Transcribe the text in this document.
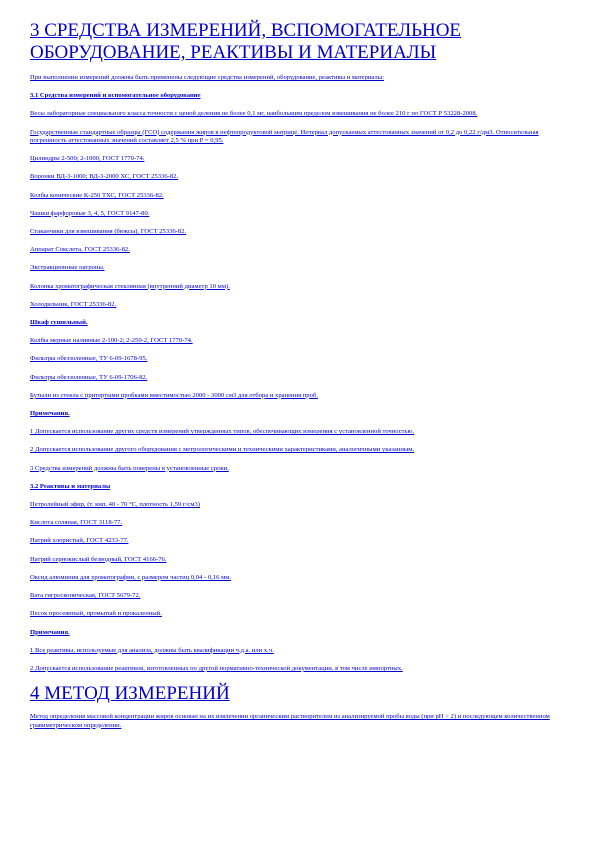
3 СРЕДСТВА ИЗМЕРЕНИЙ, ВСПОМОГАТЕЛЬНОЕ ОБОРУДОВАНИЕ, РЕАКТИВЫ И МАТЕРИАЛЫ
При выполнении измерений должны быть применены следующие средства измерений, оборудование, реактивы и материалы:
3.1 Средства измерений и вспомогательное оборудование
Весы лабораторные специального класса точности с ценой деления не более 0,1 мг, наибольшим пределом взвешивания не более 210 г по ГОСТ Р 53228-2008.
Государственные стандартные образцы (ГСО) содержания жиров в нефтепродуктовой матрице. Интервал допускаемых аттестованных значений от 0,2 до 0,22 г/дм3. Относительная погрешность аттестованных значений составляет 2,5 % при Р = 0,95.
Цилиндры 2-500; 2-1000, ГОСТ 1770-74.
Воронки ВД-3-1000; ВД-3-2000 ХС, ГОСТ 25336-82.
Колбы конические К-250 ТХС, ГОСТ 25336-82.
Чашки фарфоровые 3, 4, 5, ГОСТ 9147-80.
Стаканчики для взвешивания (бюксы), ГОСТ 25336-82.
Аппарат Сокслета, ГОСТ 25336-82.
Экстракционные патроны.
Колонка хроматографическая стеклянная (внутренний диаметр 10 мм).
Холодильник, ГОСТ 25336-82.
Шкаф сушильный.
Колбы мерные наливные 2-100-2; 2-250-2, ГОСТ 1770-74.
Фильтры обеззоленные, ТУ 6-09-1678-95.
Фильтры обеззоленные, ТУ 6-09-1706-82.
Бутыли из стекла с притертыми пробками вместимостью 2000 - 3000 см3 для отбора и хранения проб.
Примечания.
1 Допускается использование других средств измерений утвержденных типов, обеспечивающих измерения с установленной точностью.
2 Допускается использование другого оборудования с метрологическими и техническими характеристиками, аналогичными указанным.
3 Средства измерений должны быть поверены в установленные сроки.
3.2 Реактивы и материалы
Петролейный эфир, (т. кип. 40 - 70 °С, плотность 1,59 г/см3)
Кислота соляная, ГОСТ 3118-77.
Натрий хлористый, ГОСТ 4233-77.
Натрий сернокислый безводный, ГОСТ 4166-76.
Оксид алюминия для хроматографии, с размером частиц 0,04 - 0,16 мм.
Вата гигроскопическая, ГОСТ 5679-72.
Песок просеянный, промытый и прокаленный.
Примечания.
1 Все реактивы, используемые для анализа, должны быть квалификации ч.д.а. или х.ч.
2 Допускается использование реактивов, изготовленных по другой нормативно-технической документации, в том числе импортных.
4 МЕТОД ИЗМЕРЕНИЙ
Метод определения массовой концентрации жиров основан на их извлечении органическим растворителем из анализируемой пробы воды (при pH > 2) и последующем количественном гравиметрическом определении.
